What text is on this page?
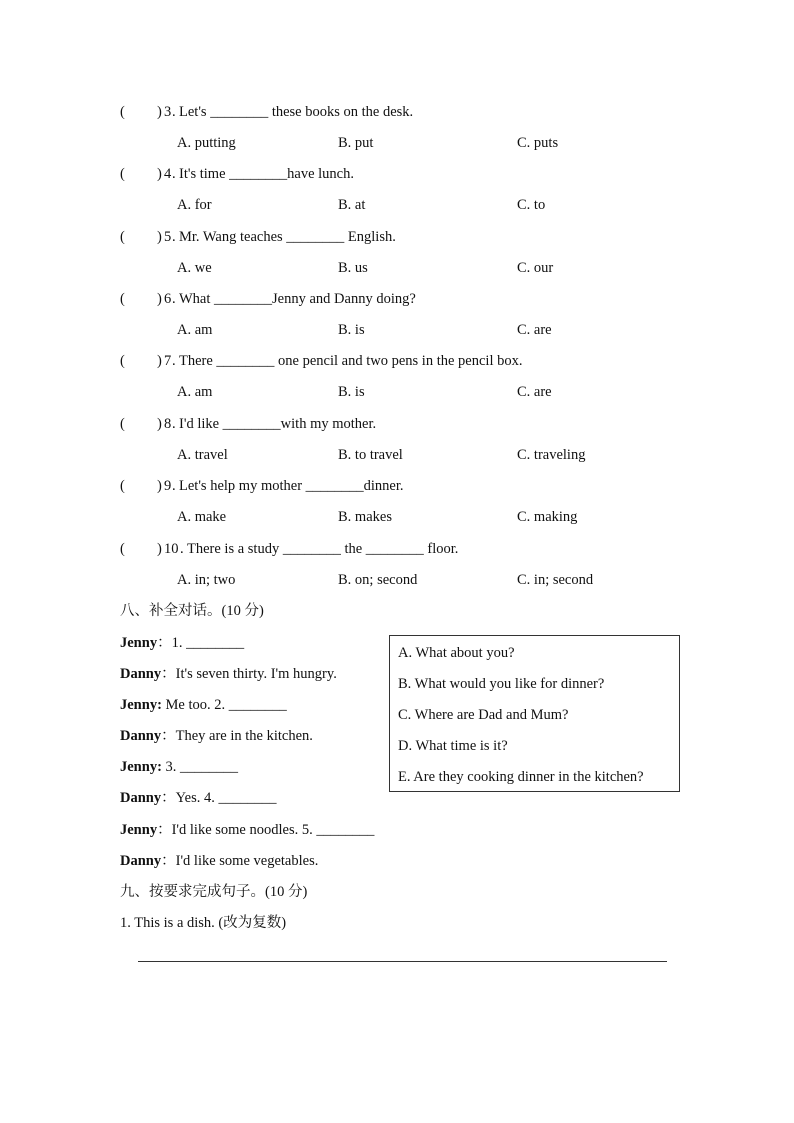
( ) 3 . Let's ________ these books on the desk.
A. putting	B. put	C. puts
( ) 4 . It's time ________have lunch.
A. for	B. at	C. to
( ) 5 . Mr. Wang teaches ________ English.
A. we	B. us	C. our
( ) 6 . What ________Jenny and Danny doing?
A. am	B. is	C. are
( ) 7 . There ________ one pencil and two pens in the pencil box.
A. am	B. is	C. are
( ) 8 . I'd like ________with my mother.
A. travel	B. to travel	C. traveling
( ) 9 . Let's help my mother ________dinner.
A. make	B. makes	C. making
( ) 10 . There is a study ________ the ________ floor.
A. in; two	B. on; second	C. in; second
八、补全对话。(10 分)
Jenny：1. ________
Danny：It's seven thirty. I'm hungry.
Jenny: Me too. 2. ________
Danny：They are in the kitchen.
Jenny: 3. ________
Danny：Yes. 4. ________
Jenny：I'd like some noodles. 5. ________
Danny：I'd like some vegetables.
A. What about you?
B. What would you like for dinner?
C. Where are Dad and Mum?
D. What time is it?
E. Are they cooking dinner in the kitchen?
九、按要求完成句子。(10 分)
1. This is a dish. (改为复数)
